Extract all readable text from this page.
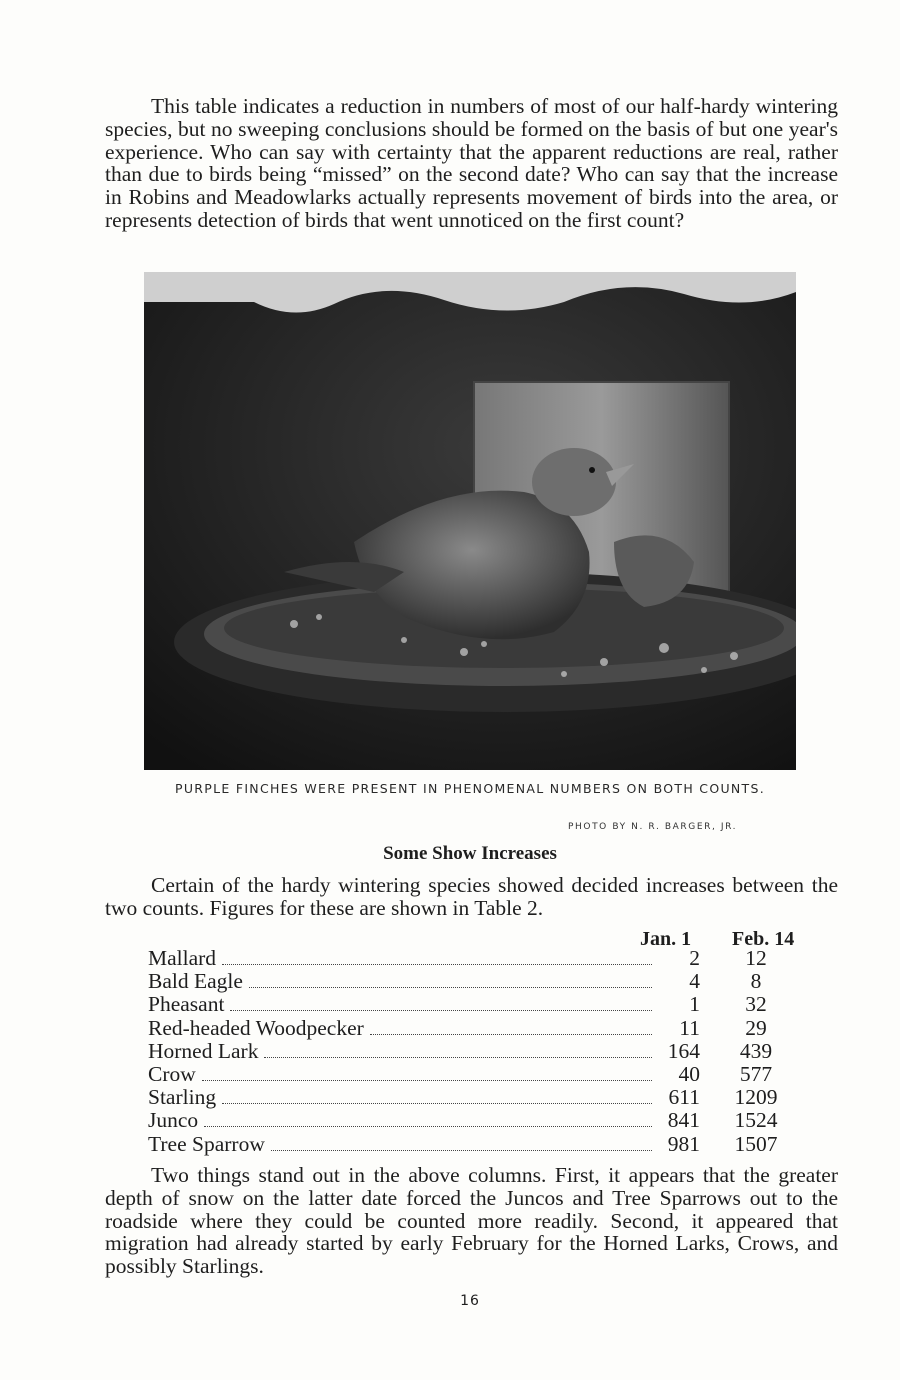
This table indicates a reduction in numbers of most of our half-hardy wintering species, but no sweeping conclusions should be formed on the basis of but one year's experience. Who can say with certainty that the apparent reductions are real, rather than due to birds being “missed” on the second date? Who can say that the increase in Robins and Meadowlarks actually represents movement of birds into the area, or represents detection of birds that went unnoticed on the first count?

PURPLE FINCHES WERE PRESENT IN PHENOMENAL NUMBERS ON BOTH COUNTS.
PHOTO BY N. R. BARGER, JR.
Some Show Increases

Certain of the hardy wintering species showed decided increases between the two counts. Figures for these are shown in Table 2.

Jan. 1 Feb. 14
Mallard	2	12
Bald Eagle	4	8
Pheasant	1	32
Red-headed Woodpecker	11	29
Horned Lark	164	439
Crow	40	577
Starling	611	1209
Junco	841	1524
Tree Sparrow	981	1507

Two things stand out in the above columns. First, it appears that the greater depth of snow on the latter date forced the Juncos and Tree Sparrows out to the roadside where they could be counted more readily. Second, it appeared that migration had already started by early February for the Horned Larks, Crows, and possibly Starlings.

16
